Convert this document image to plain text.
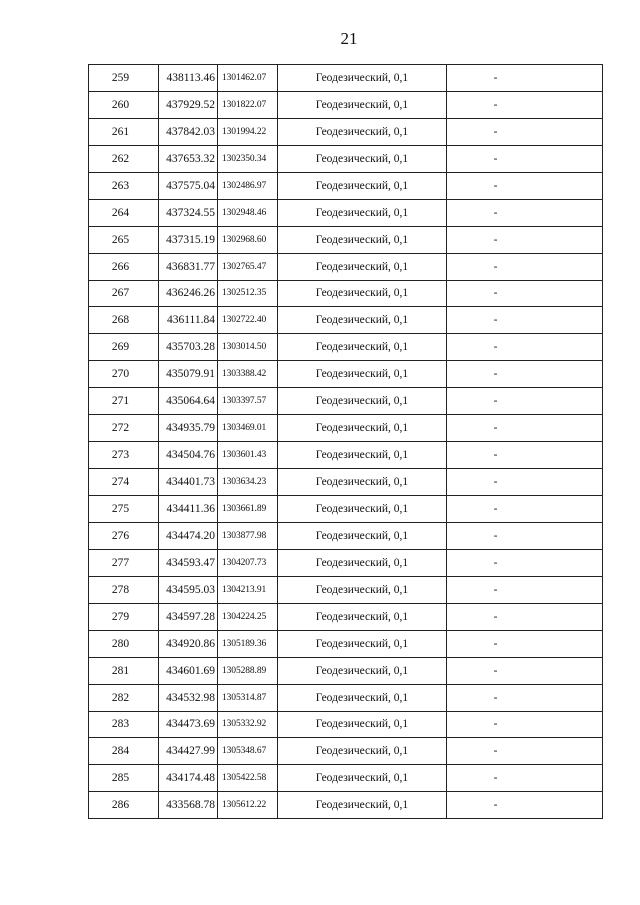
21
259	438113.46	1301462.07	Геодезический, 0,1	-
260	437929.52	1301822.07	Геодезический, 0,1	-
261	437842.03	1301994.22	Геодезический, 0,1	-
262	437653.32	1302350.34	Геодезический, 0,1	-
263	437575.04	1302486.97	Геодезический, 0,1	-
264	437324.55	1302948.46	Геодезический, 0,1	-
265	437315.19	1302968.60	Геодезический, 0,1	-
266	436831.77	1302765.47	Геодезический, 0,1	-
267	436246.26	1302512.35	Геодезический, 0,1	-
268	436111.84	1302722.40	Геодезический, 0,1	-
269	435703.28	1303014.50	Геодезический, 0,1	-
270	435079.91	1303388.42	Геодезический, 0,1	-
271	435064.64	1303397.57	Геодезический, 0,1	-
272	434935.79	1303469.01	Геодезический, 0,1	-
273	434504.76	1303601.43	Геодезический, 0,1	-
274	434401.73	1303634.23	Геодезический, 0,1	-
275	434411.36	1303661.89	Геодезический, 0,1	-
276	434474.20	1303877.98	Геодезический, 0,1	-
277	434593.47	1304207.73	Геодезический, 0,1	-
278	434595.03	1304213.91	Геодезический, 0,1	-
279	434597.28	1304224.25	Геодезический, 0,1	-
280	434920.86	1305189.36	Геодезический, 0,1	-
281	434601.69	1305288.89	Геодезический, 0,1	-
282	434532.98	1305314.87	Геодезический, 0,1	-
283	434473.69	1305332.92	Геодезический, 0,1	-
284	434427.99	1305348.67	Геодезический, 0,1	-
285	434174.48	1305422.58	Геодезический, 0,1	-
286	433568.78	1305612.22	Геодезический, 0,1	-
